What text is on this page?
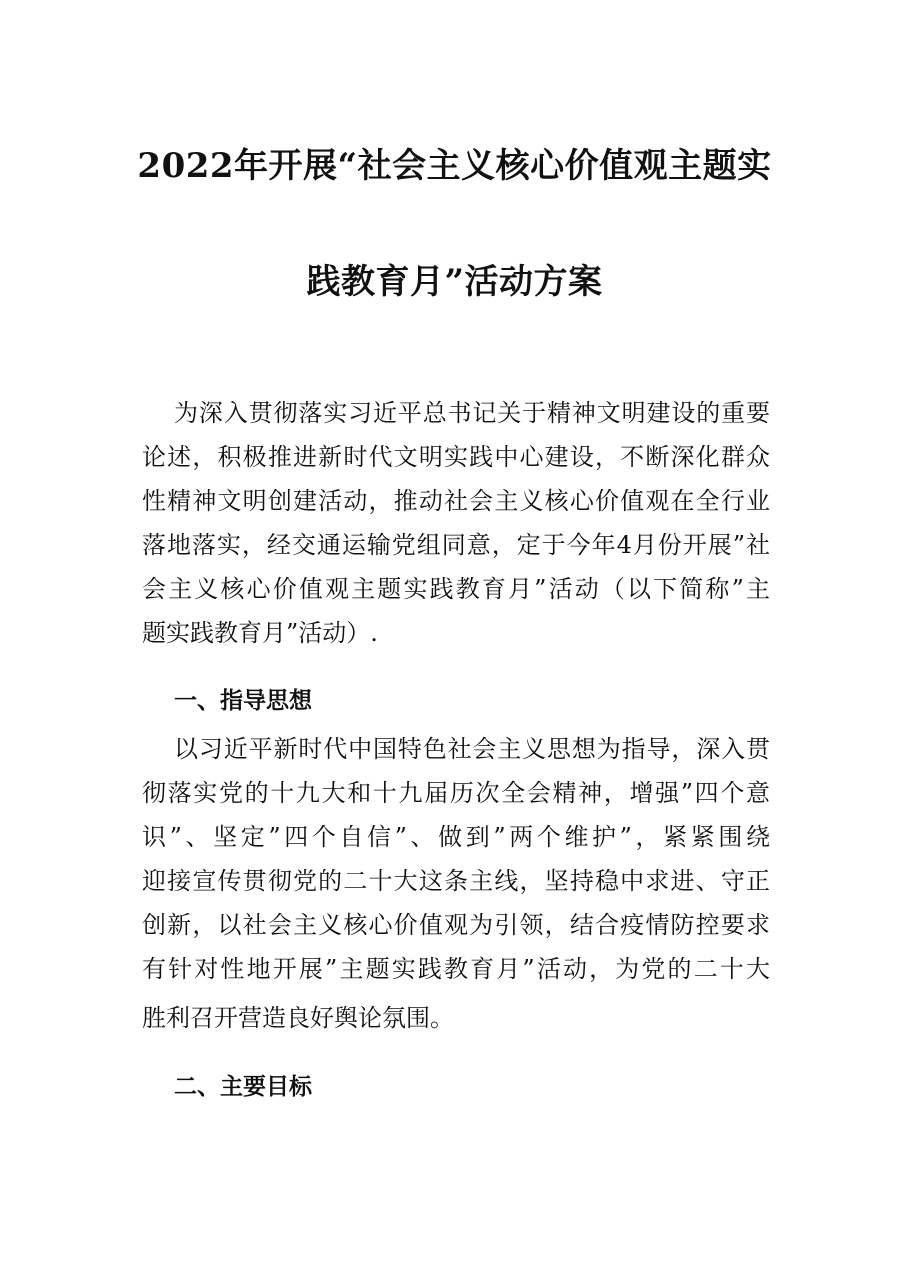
2022年开展“社会主义核心价值观主题实
践教育月”活动方案
为深入贯彻落实习近平总书记关于精神文明建设的重要
论述，积极推进新时代文明实践中心建设，不断深化群众
性精神文明创建活动，推动社会主义核心价值观在全行业
落地落实，经交通运输党组同意，定于今年4月份开展”社
会主义核心价值观主题实践教育月”活动（以下简称”主
题实践教育月”活动）.
一、指导思想
以习近平新时代中国特色社会主义思想为指导，深入贯
彻落实党的十九大和十九届历次全会精神，增强”四个意
识”、坚定”四个自信”、做到”两个维护”，紧紧围绕
迎接宣传贯彻党的二十大这条主线，坚持稳中求进、守正
创新，以社会主义核心价值观为引领，结合疫情防控要求
有针对性地开展”主题实践教育月”活动，为党的二十大
胜利召开营造良好舆论氛围。
二、主要目标
